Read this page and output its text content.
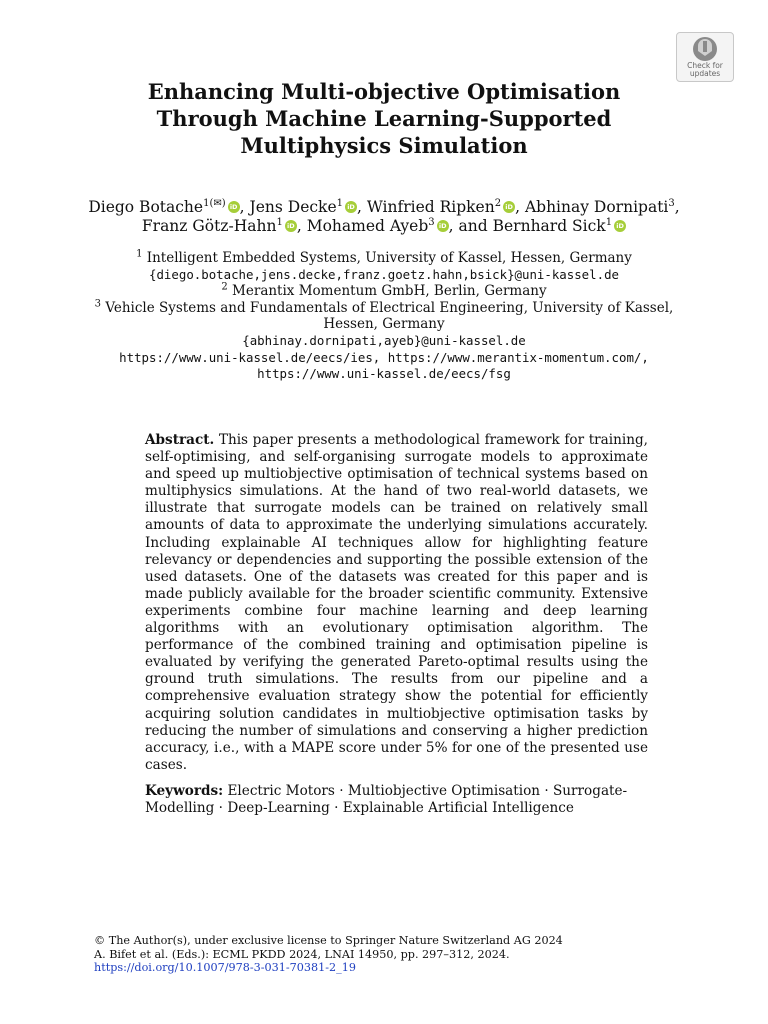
Check for
updates
Enhancing Multi-objective Optimisation
Through Machine Learning-Supported
Multiphysics Simulation
Diego Botache$^{1(✉)}$ iD , Jens Decke$^1$ iD , Winfried Ripken$^2$ iD , Abhinay Dornipati$^3$,
Franz Götz-Hahn$^1$ iD , Mohamed Ayeb$^3$ iD , and Bernhard Sick$^1$iD
$^1$ Intelligent Embedded Systems, University of Kassel, Hessen, Germany
{diego.botache,jens.decke,franz.goetz.hahn,bsick}@uni-kassel.de
$^2$ Merantix Momentum GmbH, Berlin, Germany
$^3$ Vehicle Systems and Fundamentals of Electrical Engineering, University of Kassel,
Hessen, Germany
{abhinay.dornipati,ayeb}@uni-kassel.de
https://www.uni-kassel.de/eecs/ies, https://www.merantix-momentum.com/,
https://www.uni-kassel.de/eecs/fsg
Abstract. This paper presents a methodological framework for training, self-optimising, and self-organising surrogate models to approximate and speed up multiobjective optimisation of technical systems based on multiphysics simulations. At the hand of two real-world datasets, we illustrate that surrogate models can be trained on relatively small amounts of data to approximate the underlying simulations accurately. Including explainable AI techniques allow for highlighting feature relevancy or dependencies and supporting the possible extension of the used datasets. One of the datasets was created for this paper and is made publicly available for the broader scientific community. Extensive experiments combine four machine learning and deep learning algorithms with an evolutionary optimisation algorithm. The performance of the combined training and optimisation pipeline is evaluated by verifying the generated Pareto-optimal results using the ground truth simulations. The results from our pipeline and a comprehensive evaluation strategy show the potential for efficiently acquiring solution candidates in multiobjective optimisation tasks by reducing the number of simulations and conserving a higher prediction accuracy, i.e., with a MAPE score under 5% for one of the presented use cases.
Keywords: Electric Motors · Multiobjective Optimisation · Surrogate-Modelling · Deep-Learning · Explainable Artificial Intelligence
© The Author(s), under exclusive license to Springer Nature Switzerland AG 2024
A. Bifet et al. (Eds.): ECML PKDD 2024, LNAI 14950, pp. 297–312, 2024.
https://doi.org/10.1007/978-3-031-70381-2_19
